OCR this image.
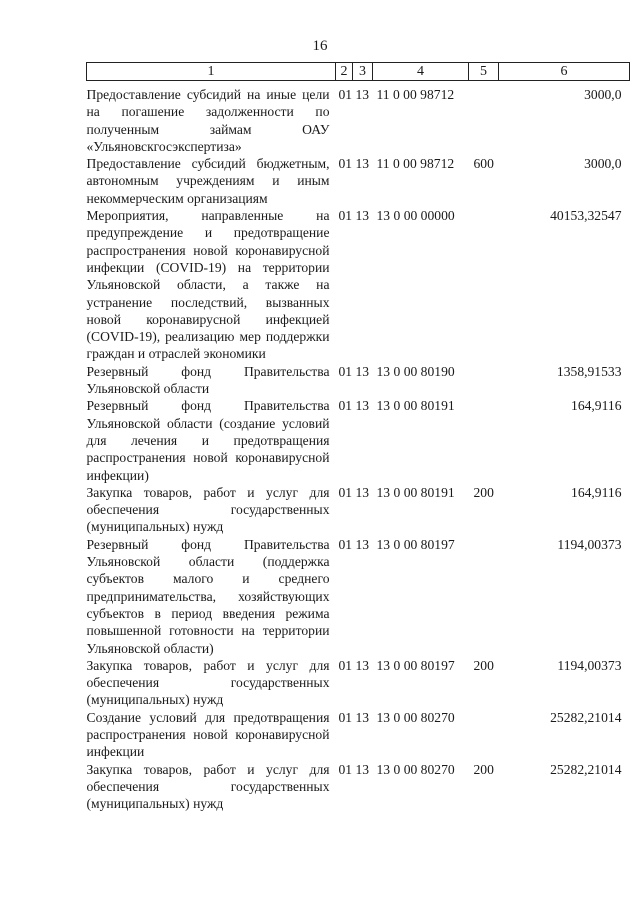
16
1	2	3	4	5	6

Предоставление субсидий на иные цели на погашение задолженности по полученным займам ОАУ «Ульяновскгосэкспертиза»	01	13	11 0 00 98712		3000,0
Предоставление субсидий бюджетным, автономным учреждениям и иным некоммерческим организациям	01	13	11 0 00 98712	600	3000,0
Мероприятия, направленные на предупреждение и предотвращение распространения новой коронавирусной инфекции (COVID-19) на территории Ульяновской области, а также на устранение последствий, вызванных новой коронавирусной инфекцией (COVID-19), реализацию мер поддержки граждан и отраслей экономики	01	13	13 0 00 00000		40153,32547
Резервный фонд Правительства Ульяновской области	01	13	13 0 00 80190		1358,91533
Резервный фонд Правительства Ульяновской области (создание условий для лечения и предотвращения распространения новой коронавирусной инфекции)	01	13	13 0 00 80191		164,9116
Закупка товаров, работ и услуг для обеспечения государственных (муниципальных) нужд	01	13	13 0 00 80191	200	164,9116
Резервный фонд Правительства Ульяновской области (поддержка субъектов малого и среднего предпринимательства, хозяйствующих субъектов в период введения режима повышенной готовности на территории Ульяновской области)	01	13	13 0 00 80197		1194,00373
Закупка товаров, работ и услуг для обеспечения государственных (муниципальных) нужд	01	13	13 0 00 80197	200	1194,00373
Создание условий для предотвращения распространения новой коронавирусной инфекции	01	13	13 0 00 80270		25282,21014
Закупка товаров, работ и услуг для обеспечения государственных (муниципальных) нужд	01	13	13 0 00 80270	200	25282,21014
